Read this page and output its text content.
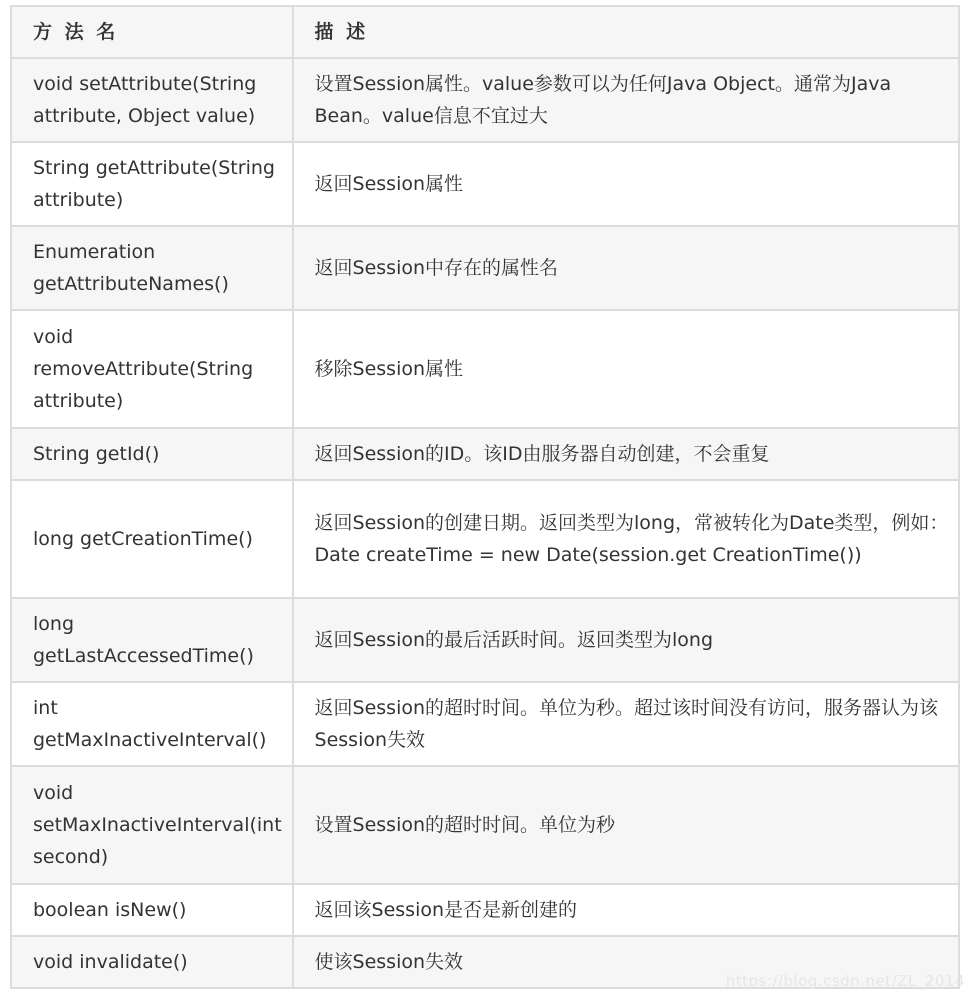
方 法 名	描 述
void setAttribute(String attribute, Object value)	设置Session属性。value参数可以为任何Java Object。通常为Java Bean。value信息不宜过大
String getAttribute(String attribute)	返回Session属性
Enumeration getAttributeNames()	返回Session中存在的属性名
void removeAttribute(String attribute)	移除Session属性
String getId()	返回Session的ID。该ID由服务器自动创建，不会重复
long getCreationTime()	返回Session的创建日期。返回类型为long，常被转化为Date类型，例如：Date createTime = new Date(session.get CreationTime())
long getLastAccessedTime()	返回Session的最后活跃时间。返回类型为long
int getMaxInactiveInterval()	返回Session的超时时间。单位为秒。超过该时间没有访问，服务器认为该Session失效
void setMaxInactiveInterval(int second)	设置Session的超时时间。单位为秒
boolean isNew()	返回该Session是否是新创建的
void invalidate()	使该Session失效
https://blog.csdn.net/ZL_2014
